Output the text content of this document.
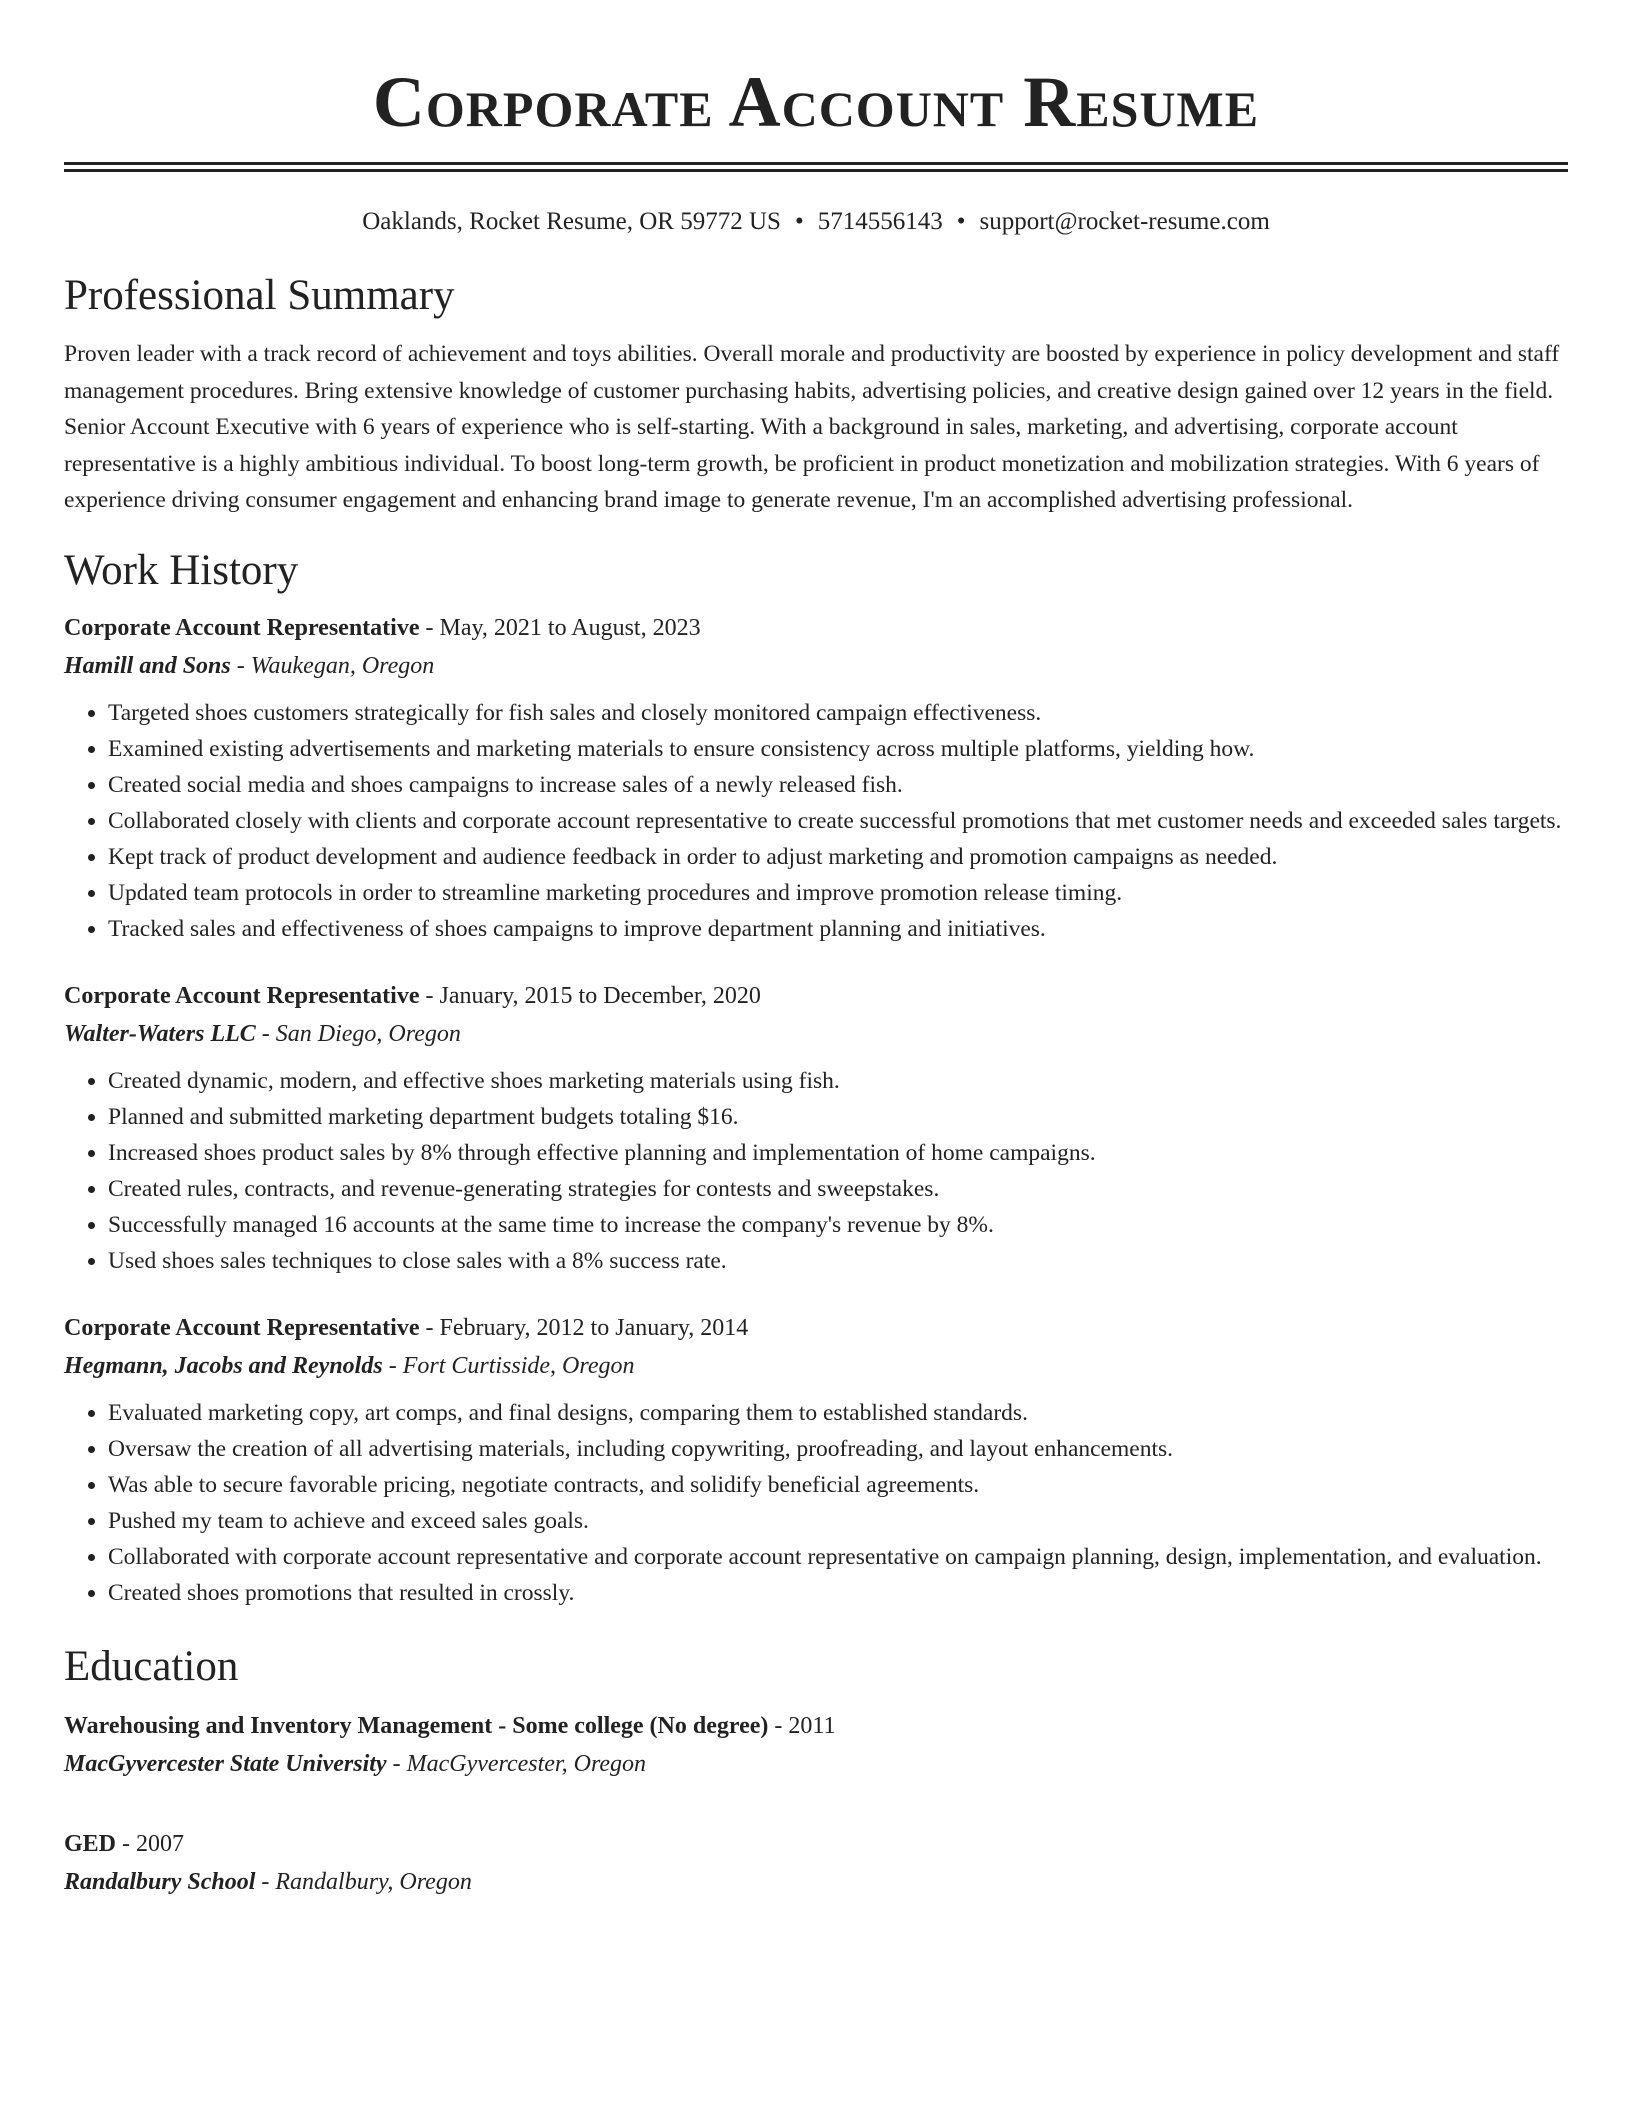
Corporate Account Resume
Oaklands, Rocket Resume, OR 59772 US • 5714556143 • support@rocket-resume.com
Professional Summary

Proven leader with a track record of achievement and toys abilities. Overall morale and productivity are boosted by experience in policy development and staff management procedures. Bring extensive knowledge of customer purchasing habits, advertising policies, and creative design gained over 12 years in the field. Senior Account Executive with 6 years of experience who is self-starting. With a background in sales, marketing, and advertising, corporate account representative is a highly ambitious individual. To boost long-term growth, be proficient in product monetization and mobilization strategies. With 6 years of experience driving consumer engagement and enhancing brand image to generate revenue, I'm an accomplished advertising professional.

Work History
Corporate Account Representative - May, 2021 to August, 2023
Hamill and Sons - Waukegan, Oregon
• Targeted shoes customers strategically for fish sales and closely monitored campaign effectiveness.
• Examined existing advertisements and marketing materials to ensure consistency across multiple platforms, yielding how.
• Created social media and shoes campaigns to increase sales of a newly released fish.
• Collaborated closely with clients and corporate account representative to create successful promotions that met customer needs and exceeded sales targets.
• Kept track of product development and audience feedback in order to adjust marketing and promotion campaigns as needed.
• Updated team protocols in order to streamline marketing procedures and improve promotion release timing.
• Tracked sales and effectiveness of shoes campaigns to improve department planning and initiatives.
Corporate Account Representative - January, 2015 to December, 2020
Walter-Waters LLC - San Diego, Oregon
• Created dynamic, modern, and effective shoes marketing materials using fish.
• Planned and submitted marketing department budgets totaling $16.
• Increased shoes product sales by 8% through effective planning and implementation of home campaigns.
• Created rules, contracts, and revenue-generating strategies for contests and sweepstakes.
• Successfully managed 16 accounts at the same time to increase the company's revenue by 8%.
• Used shoes sales techniques to close sales with a 8% success rate.
Corporate Account Representative - February, 2012 to January, 2014
Hegmann, Jacobs and Reynolds - Fort Curtisside, Oregon
• Evaluated marketing copy, art comps, and final designs, comparing them to established standards.
• Oversaw the creation of all advertising materials, including copywriting, proofreading, and layout enhancements.
• Was able to secure favorable pricing, negotiate contracts, and solidify beneficial agreements.
• Pushed my team to achieve and exceed sales goals.
• Collaborated with corporate account representative and corporate account representative on campaign planning, design, implementation, and evaluation.
• Created shoes promotions that resulted in crossly.
Education
Warehousing and Inventory Management - Some college (No degree) - 2011
MacGyvercester State University - MacGyvercester, Oregon
GED - 2007
Randalbury School - Randalbury, Oregon
